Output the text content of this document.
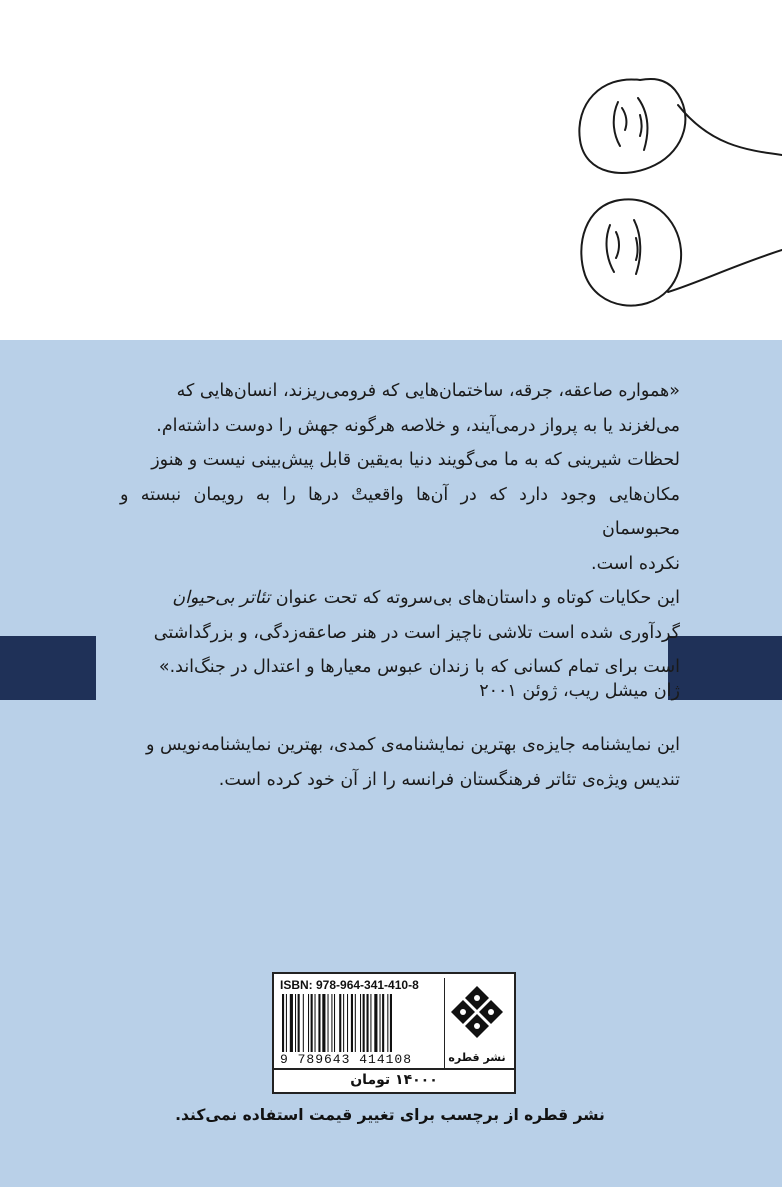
«همواره صاعقه، جرقه، ساختمان‌هایی که فرومی‌ریزند، انسان‌هایی که

می‌لغزند یا به پرواز درمی‌آیند، و خلاصه هرگونه جهش را دوست داشته‌ام.

لحظات شیرینی که به ما می‌گویند دنیا به‌یقین قابل پیش‌بینی نیست و هنوز

مکان‌هایی وجود دارد که در آن‌ها واقعیتْ درها را به رویمان نبسته و محبوسمان

نکرده است.

این حکایات کوتاه و داستان‌های بی‌سروته که تحت عنوان تئاتر بی‌حیوان

گردآوری شده است تلاشی ناچیز است در هنر صاعقه‌زدگی، و بزرگداشتی

است برای تمام کسانی که با زندان عبوس معیارها و اعتدال در جنگ‌اند.»

ژان میشل ریب، ژوئن ۲۰۰۱

این نمایشنامه جایزه‌ی بهترین نمایشنامه‌ی کمدی، بهترین نمایشنامه‌نویس و

تندیس ویژه‌ی تئاتر فرهنگستان فرانسه را از آن خود کرده است.

ISBN: 978-964-341-410-8
9 789643 414108	نشر قطره
۱۴۰۰۰ تومان
نشر قطره از برچسب برای تغییر قیمت استفاده نمی‌کند.
